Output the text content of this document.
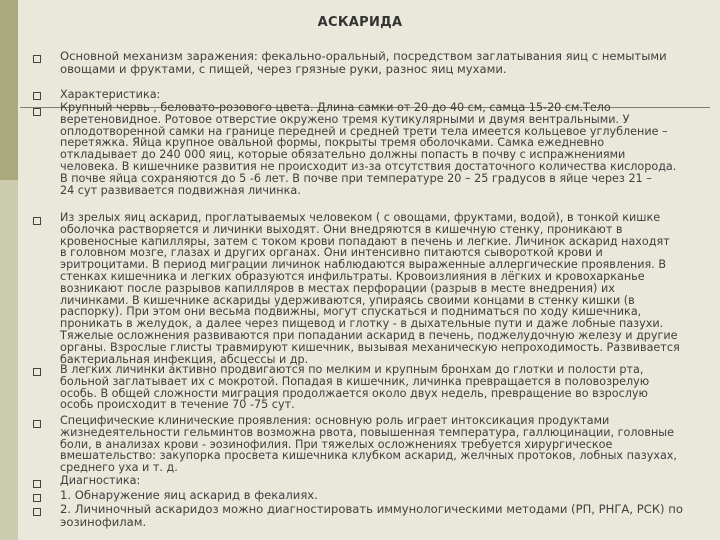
АСКАРИДА
Основной механизм заражения: фекально-оральный, посредством заглатывания яиц с немытыми
овощами и фруктами, с пищей, через грязные руки, разнос яиц мухами.
Характеристика:
Крупный червь , беловато-розового цвета. Длина самки от 20 до 40 см, самца 15-20 см.Тело
веретеновидное. Ротовое отверстие окружено тремя кутикулярными и двумя вентральными. У
оплодотворенной самки на границе передней и средней трети тела имеется кольцевое углубление –
перетяжка. Яйца крупное овальной формы, покрыты тремя оболочками. Самка ежедневно
откладывает до 240 000 яиц, которые обязательно должны попасть в почву с испражнениями
человека. В кишечнике развития не происходит из-за отсутствия достаточного количества кислорода.
В почве яйца сохраняются до 5 -6 лет. В почве при температуре 20 – 25 градусов в яйце через 21 –
24 сут развивается подвижная личинка.
Из зрелых яиц аскарид, проглатываемых человеком ( с овощами, фруктами, водой), в тонкой кишке
оболочка растворяется и личинки выходят. Они внедряются в кишечную стенку, проникают в
кровеносные капилляры, затем с током крови попадают в печень и легкие. Личинок аскарид находят
в головном мозге, глазах и других органах. Они интенсивно питаются сывороткой крови и
эритроцитами. В период миграции личинок наблюдаются выраженные аллергические проявления. В
стенках кишечника и легких образуются инфильтраты. Кровоизлияния в лёгких и кровохарканье
возникают после разрывов капилляров в местах перфорации (разрыв в месте внедрения) их
личинками. В кишечнике аскариды удерживаются, упираясь своими концами в стенку кишки (в
распорку). При этом они весьма подвижны, могут спускаться и подниматься по ходу кишечника,
проникать в желудок, а далее через пищевод и глотку - в дыхательные пути и даже лобные пазухи.
Тяжелые осложнения развиваются при попадании аскарид в печень, поджелудочную железу и другие
органы. Взрослые глисты травмируют кишечник, вызывая механическую непроходимость. Развивается
бактериальная инфекция, абсцессы и др.
В легких личинки активно продвигаются по мелким и крупным бронхам до глотки и полости рта,
больной заглатывает их с мокротой. Попадая в кишечник, личинка превращается в половозрелую
особь. В общей сложности миграция продолжается около двух недель, превращение во взрослую
особь происходит в течение 70 -75 сут.
Специфические клинические проявления: основную роль играет интоксикация продуктами
жизнедеятельности гельминтов возможна рвота, повышенная температура, галлюцинации, головные
боли, в анализах крови - эозинофилия. При тяжелых осложнениях требуется хирургическое
вмешательство: закупорка просвета кишечника клубком аскарид, желчных протоков, лобных пазухах,
среднего уха и т. д.
Диагностика:
1. Обнаружение яиц аскарид в фекалиях.
2. Личиночный аскаридоз можно диагностировать иммунологическими методами (РП, РНГА, РСК) по
эозинофилам.
